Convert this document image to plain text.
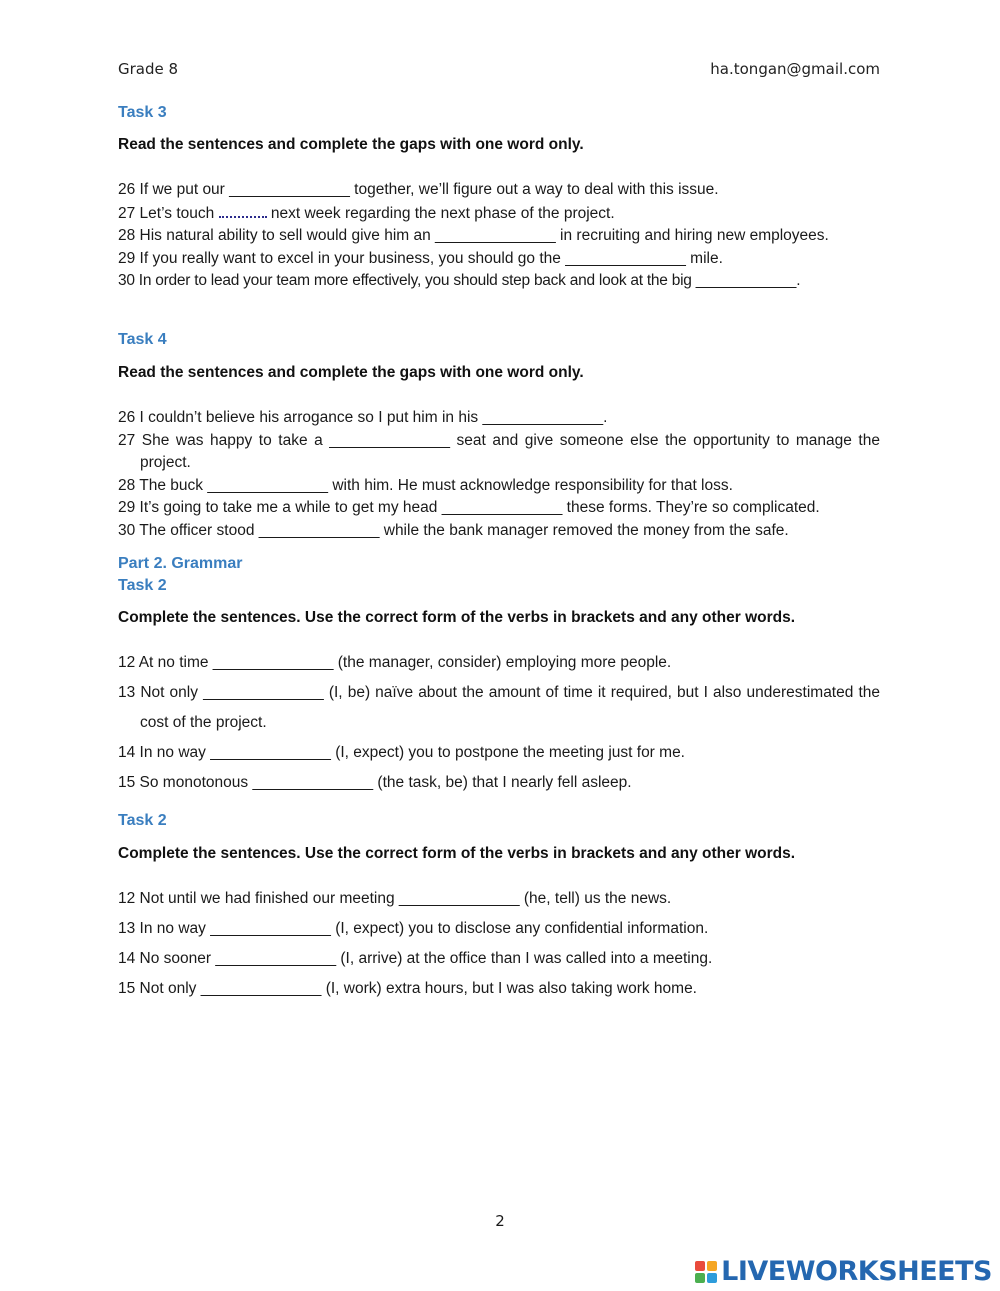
Grade 8	ha.tongan@gmail.com
Task 3
Read the sentences and complete the gaps with one word only.
26 If we put our ______________ together, we’ll figure out a way to deal with this issue.
27 Let’s touch	next week regarding the next phase of the project.
28 His natural ability to sell would give him an ______________ in recruiting and hiring new employees.
29 If you really want to excel in your business, you should go the ______________ mile.
30 In order to lead your team more effectively, you should step back and look at the big ____________.
Task 4
Read the sentences and complete the gaps with one word only.
26 I couldn’t believe his arrogance so I put him in his ______________.
27 She was happy to take a ______________ seat and give someone else the opportunity to manage the project.
28 The buck ______________ with him. He must acknowledge responsibility for that loss.
29 It’s going to take me a while to get my head ______________ these forms. They’re so complicated.
30 The officer stood ______________ while the bank manager removed the money from the safe.
Part 2. Grammar
Task 2
Complete the sentences. Use the correct form of the verbs in brackets and any other words.
12 At no time ______________ (the manager, consider) employing more people.
13 Not only ______________ (I, be) naïve about the amount of time it required, but I also underestimated the cost of the project.
14 In no way ______________ (I, expect) you to postpone the meeting just for me.
15 So monotonous ______________ (the task, be) that I nearly fell asleep.
Task 2
Complete the sentences. Use the correct form of the verbs in brackets and any other words.
12 Not until we had finished our meeting ______________ (he, tell) us the news.
13 In no way ______________ (I, expect) you to disclose any confidential information.
14 No sooner ______________ (I, arrive) at the office than I was called into a meeting.
15 Not only ______________ (I, work) extra hours, but I was also taking work home.
2
LIVEWORKSHEETS
